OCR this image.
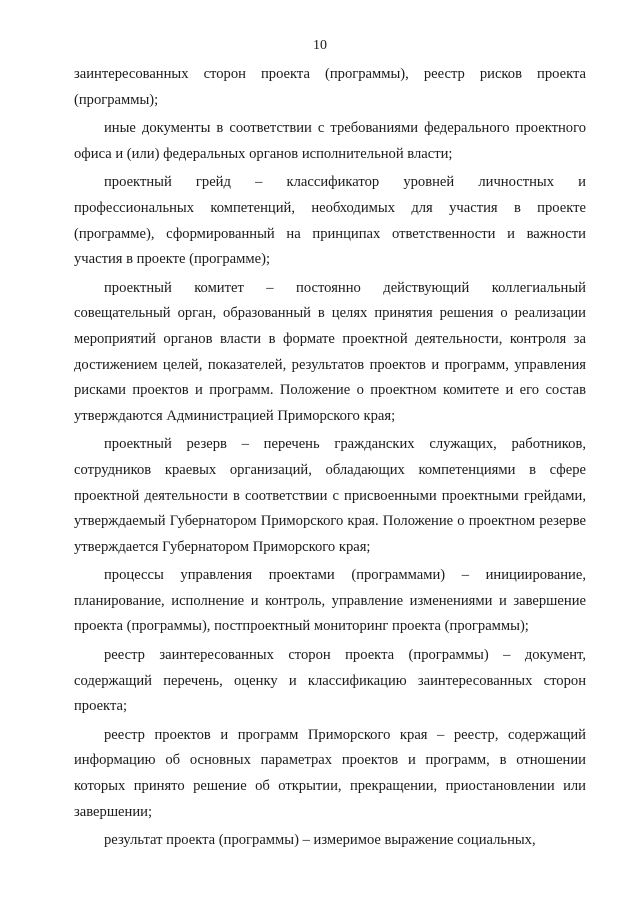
10

заинтересованных сторон проекта (программы), реестр рисков проекта (программы);

иные документы в соответствии с требованиями федерального проектного офиса и (или) федеральных органов исполнительной власти;

проектный грейд – классификатор уровней личностных и профессиональных компетенций, необходимых для участия в проекте (программе), сформированный на принципах ответственности и важности участия в проекте (программе);

проектный комитет – постоянно действующий коллегиальный совещательный орган, образованный в целях принятия решения о реализации мероприятий органов власти в формате проектной деятельности, контроля за достижением целей, показателей, результатов проектов и программ, управления рисками проектов и программ. Положение о проектном комитете и его состав утверждаются Администрацией Приморского края;

проектный резерв – перечень гражданских служащих, работников, сотрудников краевых организаций, обладающих компетенциями в сфере проектной деятельности в соответствии с присвоенными проектными грейдами, утверждаемый Губернатором Приморского края. Положение о проектном резерве утверждается Губернатором Приморского края;

процессы управления проектами (программами) – инициирование, планирование, исполнение и контроль, управление изменениями и завершение проекта (программы), постпроектный мониторинг проекта (программы);

реестр заинтересованных сторон проекта (программы) – документ, содержащий перечень, оценку и классификацию заинтересованных сторон проекта;

реестр проектов и программ Приморского края – реестр, содержащий информацию об основных параметрах проектов и программ, в отношении которых принято решение об открытии, прекращении, приостановлении или завершении;

результат проекта (программы) – измеримое выражение социальных,
